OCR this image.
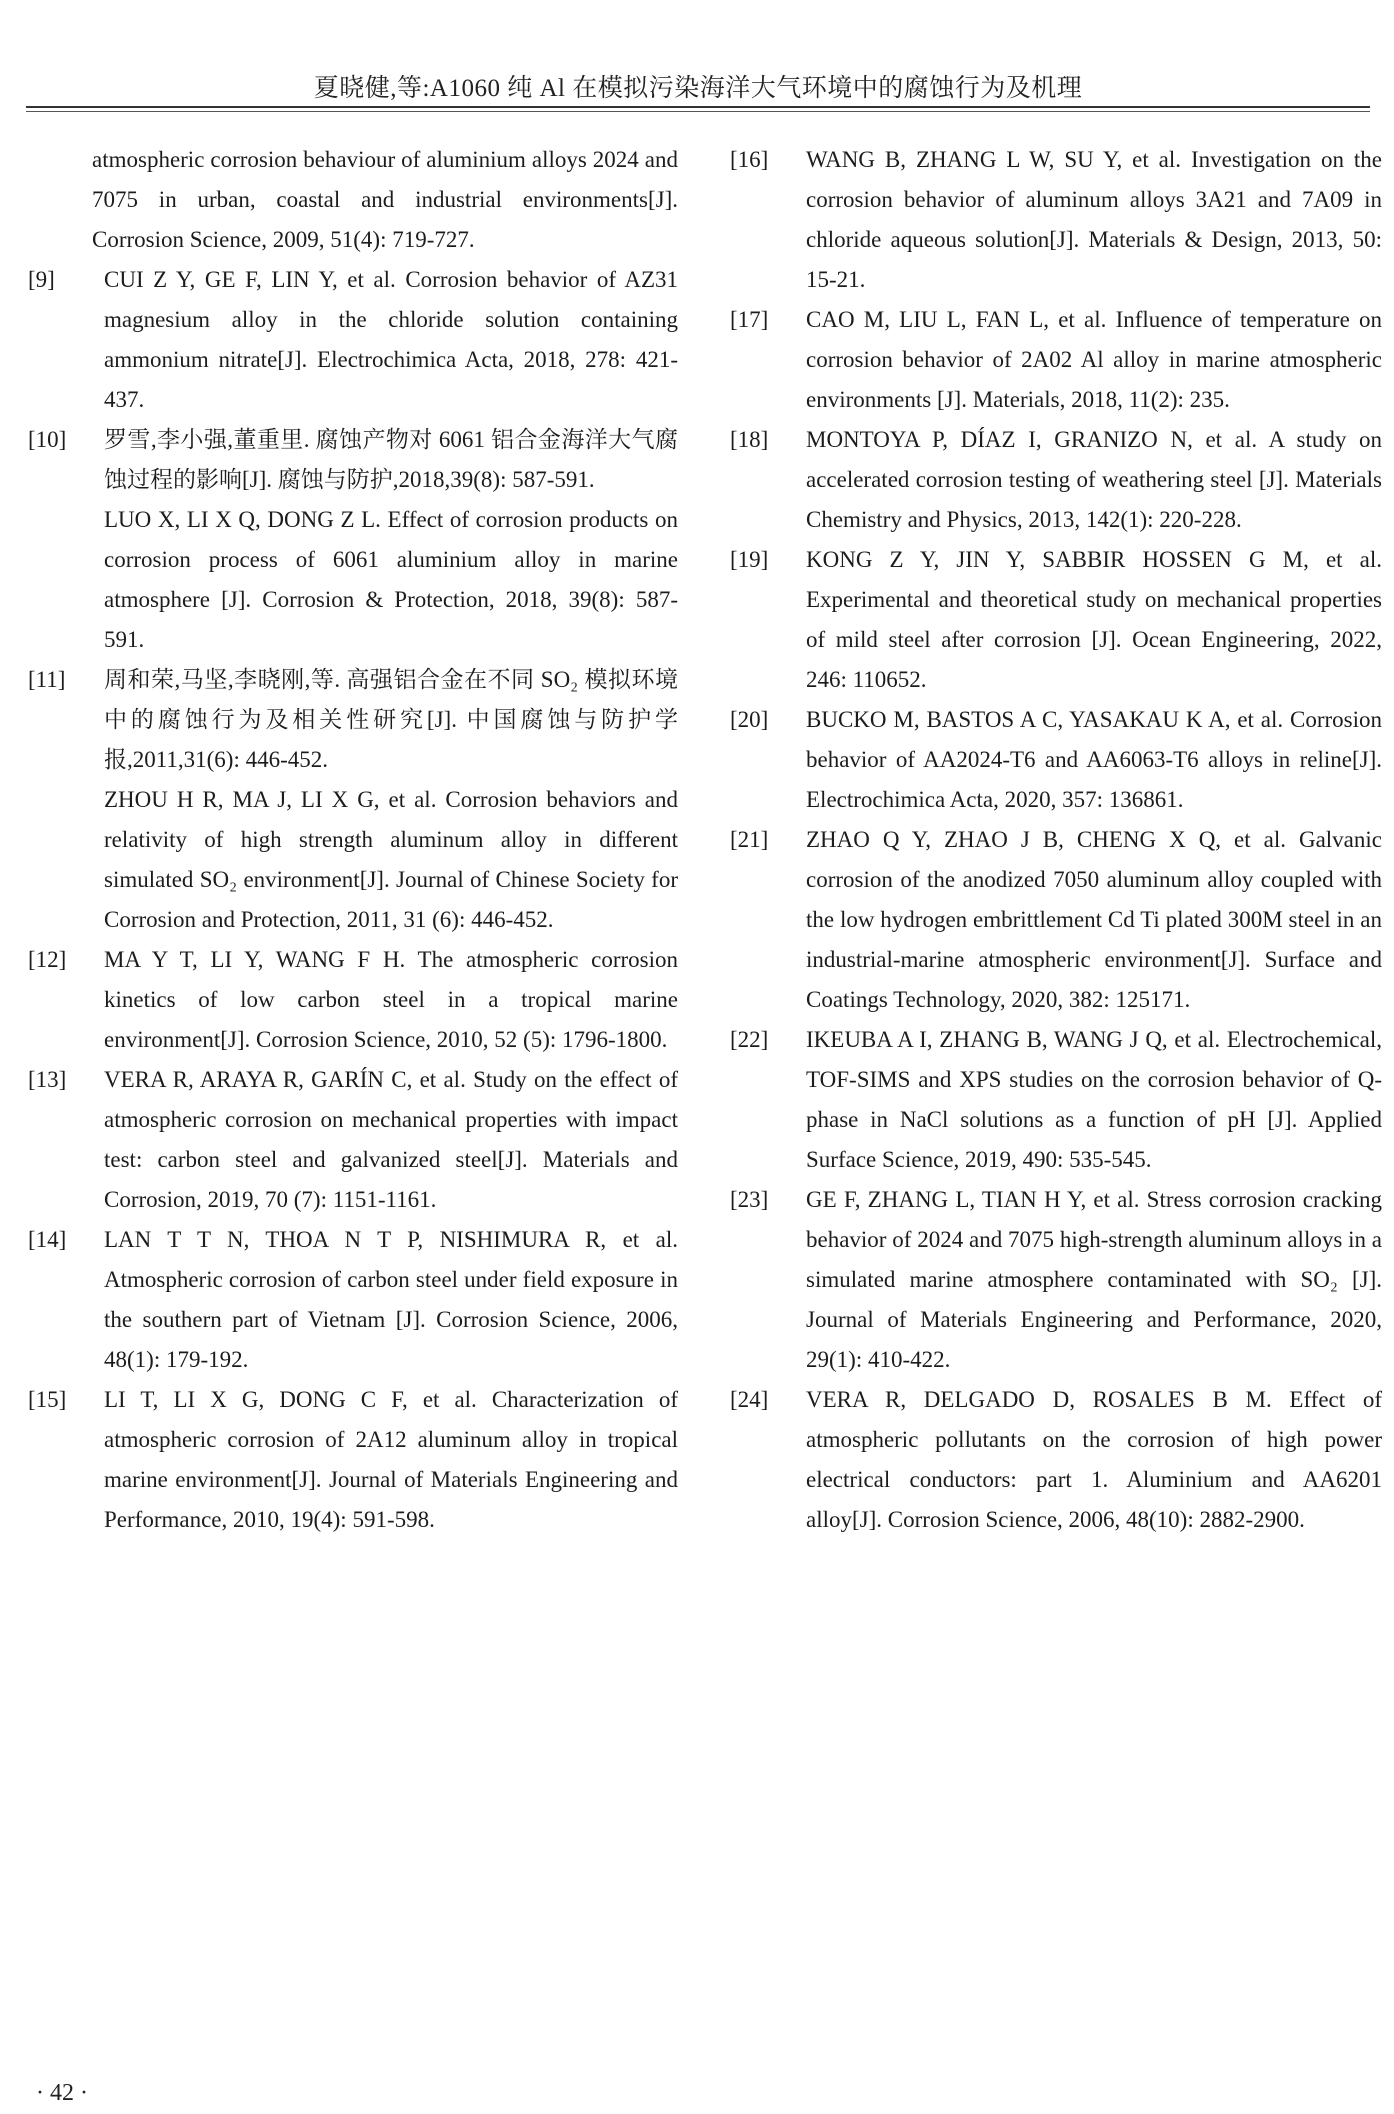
夏晓健,等:A1060 纯 Al 在模拟污染海洋大气环境中的腐蚀行为及机理
atmospheric corrosion behaviour of aluminium alloys 2024 and 7075 in urban, coastal and industrial environments[J]. Corrosion Science, 2009, 51(4): 719-727.
[9] CUI Z Y, GE F, LIN Y, et al. Corrosion behavior of AZ31 magnesium alloy in the chloride solution containing ammonium nitrate[J]. Electrochimica Acta, 2018, 278: 421-437.
[10] 罗雪,李小强,董重里. 腐蚀产物对 6061 铝合金海洋大气腐蚀过程的影响[J]. 腐蚀与防护,2018,39(8): 587-591.
LUO X, LI X Q, DONG Z L. Effect of corrosion products on corrosion process of 6061 aluminium alloy in marine atmosphere [J]. Corrosion & Protection, 2018, 39(8): 587-591.
[11] 周和荣,马坚,李晓刚,等. 高强铝合金在不同 SO₂ 模拟环境中的腐蚀行为及相关性研究[J]. 中国腐蚀与防护学报,2011,31(6): 446-452.
ZHOU H R, MA J, LI X G, et al. Corrosion behaviors and relativity of high strength aluminum alloy in different simulated SO₂ environment[J]. Journal of Chinese Society for Corrosion and Protection, 2011, 31 (6): 446-452.
[12] MA Y T, LI Y, WANG F H. The atmospheric corrosion kinetics of low carbon steel in a tropical marine environment[J]. Corrosion Science, 2010, 52 (5): 1796-1800.
[13] VERA R, ARAYA R, GARÍN C, et al. Study on the effect of atmospheric corrosion on mechanical properties with impact test: carbon steel and galvanized steel[J]. Materials and Corrosion, 2019, 70 (7): 1151-1161.
[14] LAN T T N, THOA N T P, NISHIMURA R, et al. Atmospheric corrosion of carbon steel under field exposure in the southern part of Vietnam [J]. Corrosion Science, 2006, 48(1): 179-192.
[15] LI T, LI X G, DONG C F, et al. Characterization of atmospheric corrosion of 2A12 aluminum alloy in tropical marine environment[J]. Journal of Materials Engineering and Performance, 2010, 19(4): 591-598.
[16] WANG B, ZHANG L W, SU Y, et al. Investigation on the corrosion behavior of aluminum alloys 3A21 and 7A09 in chloride aqueous solution[J]. Materials & Design, 2013, 50: 15-21.
[17] CAO M, LIU L, FAN L, et al. Influence of temperature on corrosion behavior of 2A02 Al alloy in marine atmospheric environments [J]. Materials, 2018, 11(2): 235.
[18] MONTOYA P, DÍAZ I, GRANIZO N, et al. A study on accelerated corrosion testing of weathering steel [J]. Materials Chemistry and Physics, 2013, 142(1): 220-228.
[19] KONG Z Y, JIN Y, SABBIR HOSSEN G M, et al. Experimental and theoretical study on mechanical properties of mild steel after corrosion [J]. Ocean Engineering, 2022, 246: 110652.
[20] BUCKO M, BASTOS A C, YASAKAU K A, et al. Corrosion behavior of AA2024-T6 and AA6063-T6 alloys in reline[J]. Electrochimica Acta, 2020, 357: 136861.
[21] ZHAO Q Y, ZHAO J B, CHENG X Q, et al. Galvanic corrosion of the anodized 7050 aluminum alloy coupled with the low hydrogen embrittlement Cd Ti plated 300M steel in an industrial-marine atmospheric environment[J]. Surface and Coatings Technology, 2020, 382: 125171.
[22] IKEUBA A I, ZHANG B, WANG J Q, et al. Electrochemical, TOF-SIMS and XPS studies on the corrosion behavior of Q-phase in NaCl solutions as a function of pH [J]. Applied Surface Science, 2019, 490: 535-545.
[23] GE F, ZHANG L, TIAN H Y, et al. Stress corrosion cracking behavior of 2024 and 7075 high-strength aluminum alloys in a simulated marine atmosphere contaminated with SO₂ [J]. Journal of Materials Engineering and Performance, 2020, 29(1): 410-422.
[24] VERA R, DELGADO D, ROSALES B M. Effect of atmospheric pollutants on the corrosion of high power electrical conductors: part 1. Aluminium and AA6201 alloy[J]. Corrosion Science, 2006, 48(10): 2882-2900.
· 42 ·
